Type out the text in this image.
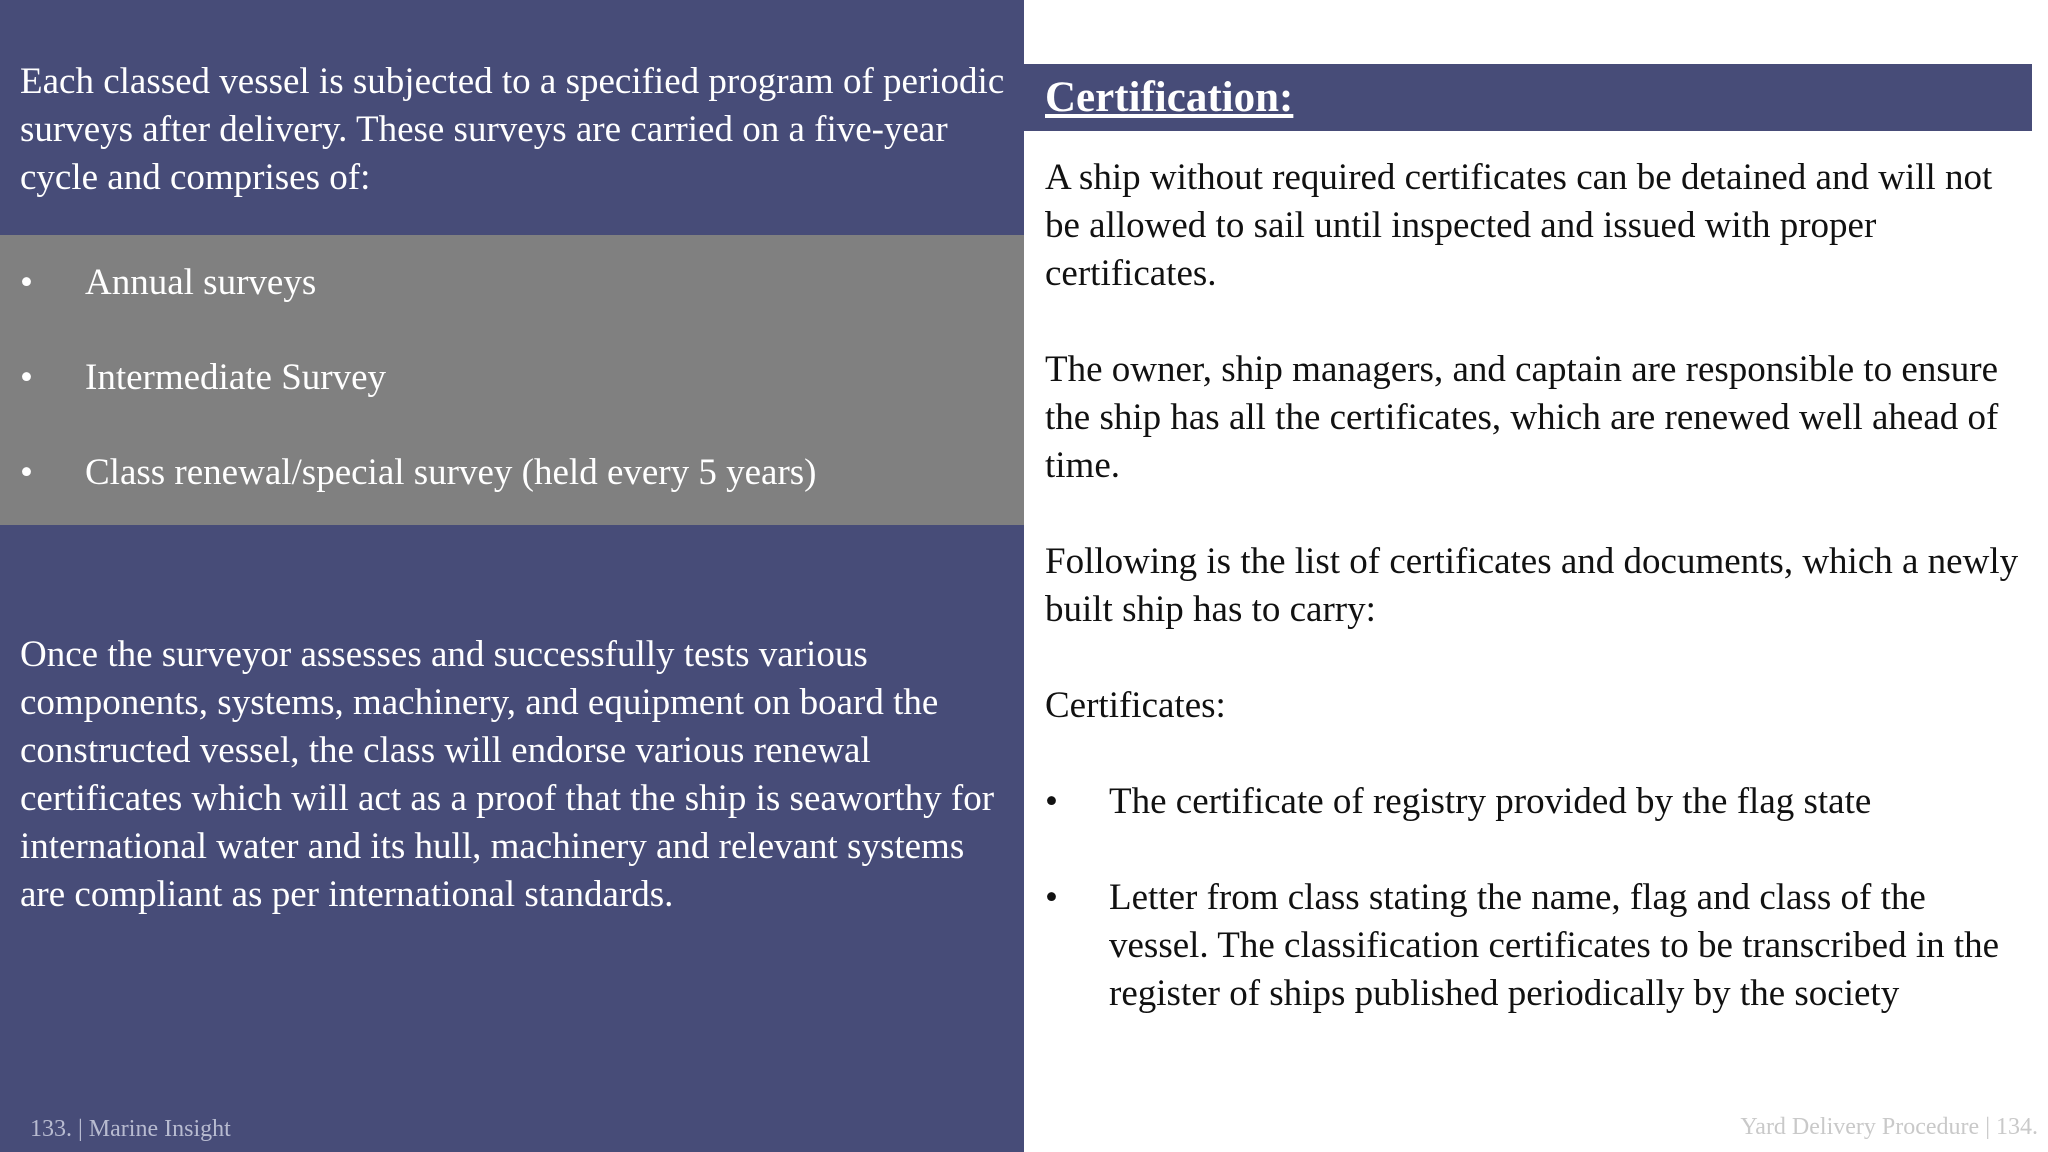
Each classed vessel is subjected to a specified program of periodic surveys after delivery. These surveys are carried on a five-year cycle and comprises of:
• Annual surveys
• Intermediate Survey
• Class renewal/special survey (held every 5 years)
Once the surveyor assesses and successfully tests various components, systems, machinery, and equipment on board the constructed vessel, the class will endorse various renewal certificates which will act as a proof that the ship is seaworthy for international water and its hull, machinery and relevant systems are compliant as per international standards.
133. | Marine Insight
Certification:

A ship without required certificates can be detained and will not be allowed to sail until inspected and issued with proper certificates.

The owner, ship managers, and captain are responsible to ensure the ship has all the certificates, which are renewed well ahead of time.

Following is the list of certificates and documents, which a newly built ship has to carry:

Certificates:

• The certificate of registry provided by the flag state
• Letter from class stating the name, flag and class of the vessel. The classification certificates to be transcribed in the register of ships published periodically by the society
Yard Delivery Procedure | 134.
